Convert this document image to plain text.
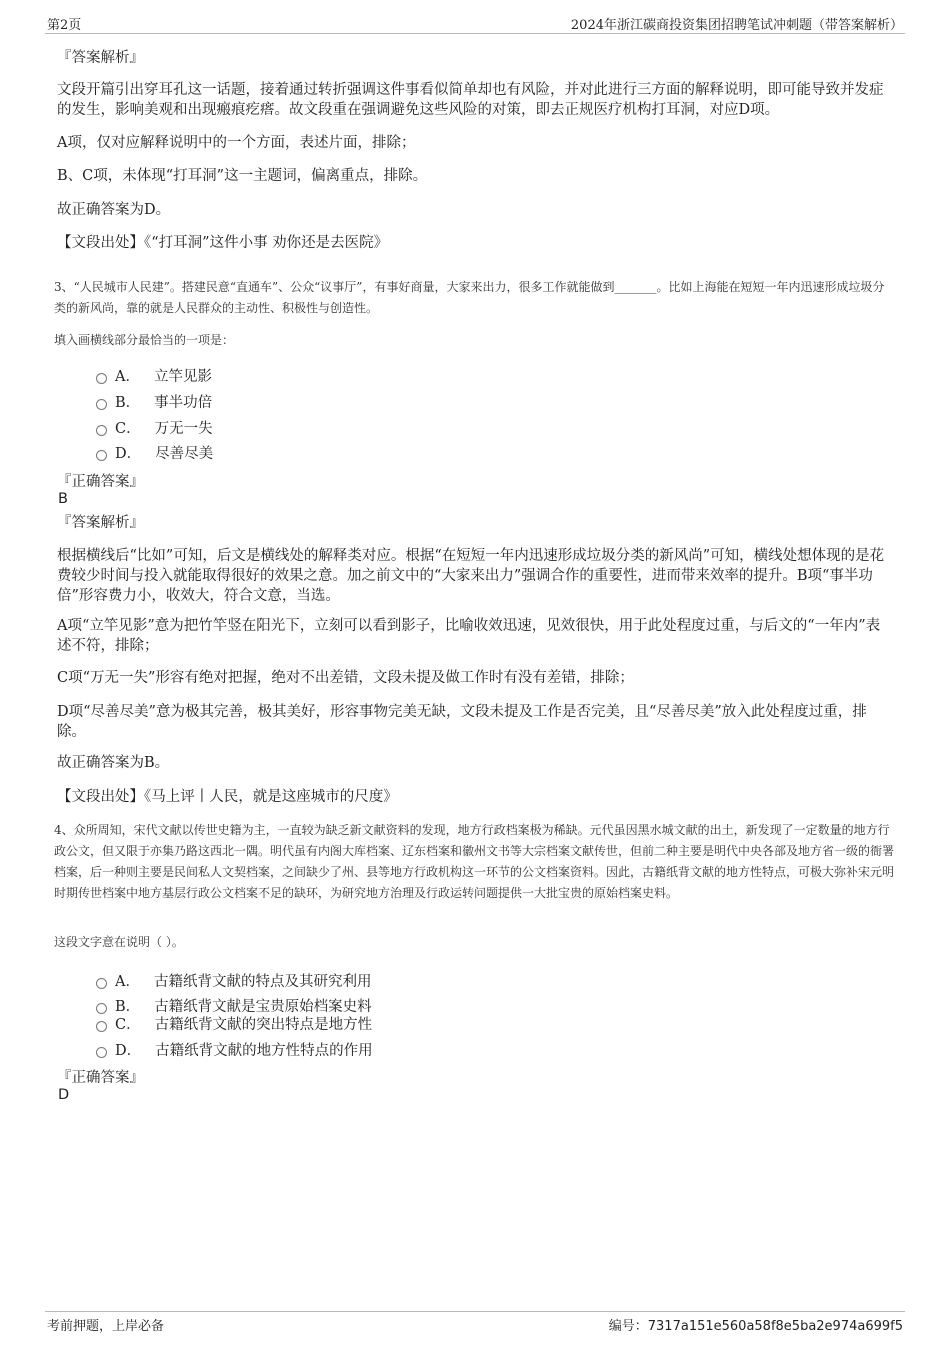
第2页	2024年浙江碳商投资集团招聘笔试冲刺题（带答案解析）
『答案解析』
文段开篇引出穿耳孔这一话题，接着通过转折强调这件事看似简单却也有风险，并对此进行三方面的解释说明，即可能导致并发症的发生，影响美观和出现瘢痕疙瘩。故文段重在强调避免这些风险的对策，即去正规医疗机构打耳洞，对应D项。
A项，仅对应解释说明中的一个方面，表述片面，排除；
B、C项，未体现“打耳洞”这一主题词，偏离重点，排除。
故正确答案为D。
【文段出处】《“打耳洞”这件小事 劝你还是去医院》
3、“人民城市人民建”。搭建民意“直通车”、公众“议事厅”，有事好商量，大家来出力，很多工作就能做到_______。比如上海能在短短一年内迅速形成垃圾分类的新风尚，靠的就是人民群众的主动性、积极性与创造性。
填入画横线部分最恰当的一项是：
A． 立竿见影
B． 事半功倍
C． 万无一失
D． 尽善尽美
『正确答案』
B
『答案解析』
根据横线后“比如”可知，后文是横线处的解释类对应。根据“在短短一年内迅速形成垃圾分类的新风尚”可知，横线处想体现的是花费较少时间与投入就能取得很好的效果之意。加之前文中的“大家来出力”强调合作的重要性，进而带来效率的提升。B项“事半功倍”形容费力小，收效大，符合文意，当选。
A项“立竿见影”意为把竹竿竖在阳光下，立刻可以看到影子，比喻收效迅速，见效很快，用于此处程度过重，与后文的“一年内”表述不符，排除；
C项“万无一失”形容有绝对把握，绝对不出差错，文段未提及做工作时有没有差错，排除；
D项“尽善尽美”意为极其完善，极其美好，形容事物完美无缺，文段未提及工作是否完美，且“尽善尽美”放入此处程度过重，排除。
故正确答案为B。
【文段出处】《马上评丨人民，就是这座城市的尺度》
4、众所周知，宋代文献以传世史籍为主，一直较为缺乏新文献资料的发现，地方行政档案极为稀缺。元代虽因黑水城文献的出土，新发现了一定数量的地方行政公文，但又限于亦集乃路这西北一隅。明代虽有内阁大库档案、辽东档案和徽州文书等大宗档案文献传世，但前二种主要是明代中央各部及地方省一级的衙署档案，后一种则主要是民间私人文契档案，之间缺少了州、县等地方行政机构这一环节的公文档案资料。因此，古籍纸背文献的地方性特点，可极大弥补宋元明时期传世档案中地方基层行政公文档案不足的缺环，为研究地方治理及行政运转问题提供一大批宝贵的原始档案史料。
这段文字意在说明（ ）。
A． 古籍纸背文献的特点及其研究利用
B． 古籍纸背文献是宝贵原始档案史料
C． 古籍纸背文献的突出特点是地方性
D． 古籍纸背文献的地方性特点的作用
『正确答案』
D
考前押题，上岸必备	编号：7317a151e560a58f8e5ba2e974a699f5
